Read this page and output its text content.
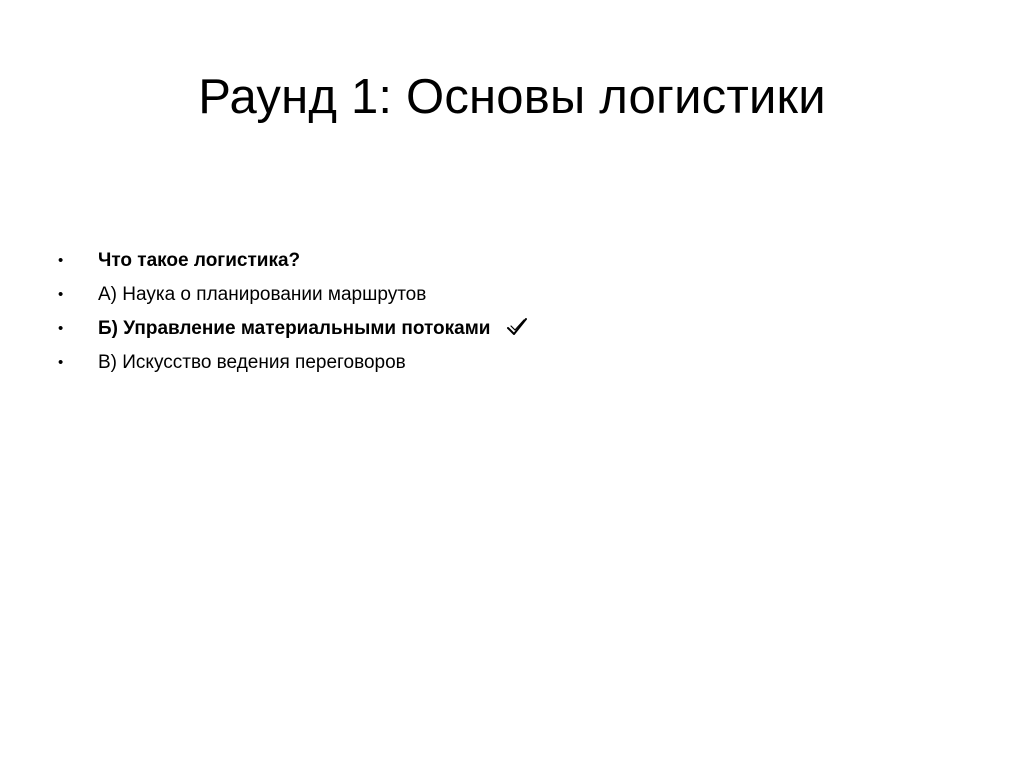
Раунд 1: Основы логистики
• Что такое логистика?
• А) Наука о планировании маршрутов
• Б) Управление материальными потоками
• В) Искусство ведения переговоров
